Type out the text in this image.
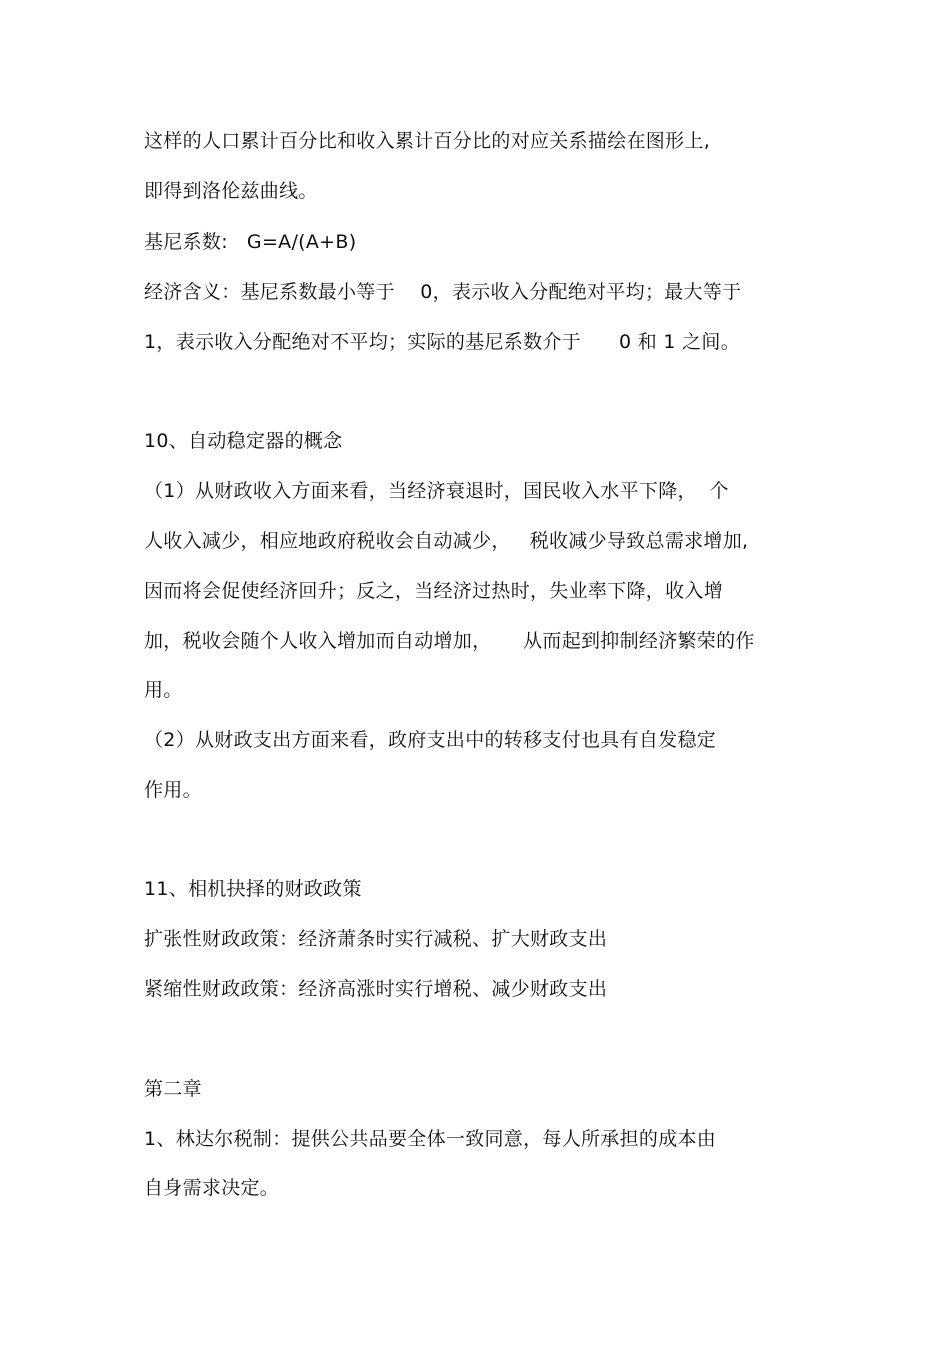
这样的人口累计百分比和收入累计百分比的对应关系描绘在图形上,
即得到洛伦兹曲线。
基尼系数:   G=A/(A+B)
经济含义：基尼系数最小等于    0，表示收入分配绝对平均；最大等于
1，表示收入分配绝对不平均；实际的基尼系数介于      0 和 1 之间。
10、自动稳定器的概念
（1）从财政收入方面来看，当经济衰退时，国民收入水平下降，  个
人收入减少，相应地政府税收会自动减少，   税收减少导致总需求增加,
因而将会促使经济回升；反之，当经济过热时，失业率下降，收入增
加，税收会随个人收入增加而自动增加，     从而起到抑制经济繁荣的作
用。
（2）从财政支出方面来看，政府支出中的转移支付也具有自发稳定
作用。
11、相机抉择的财政政策
扩张性财政政策：经济萧条时实行减税、扩大财政支出
紧缩性财政政策：经济高涨时实行增税、减少财政支出
第二章
1、林达尔税制：提供公共品要全体一致同意，每人所承担的成本由
自身需求决定。
